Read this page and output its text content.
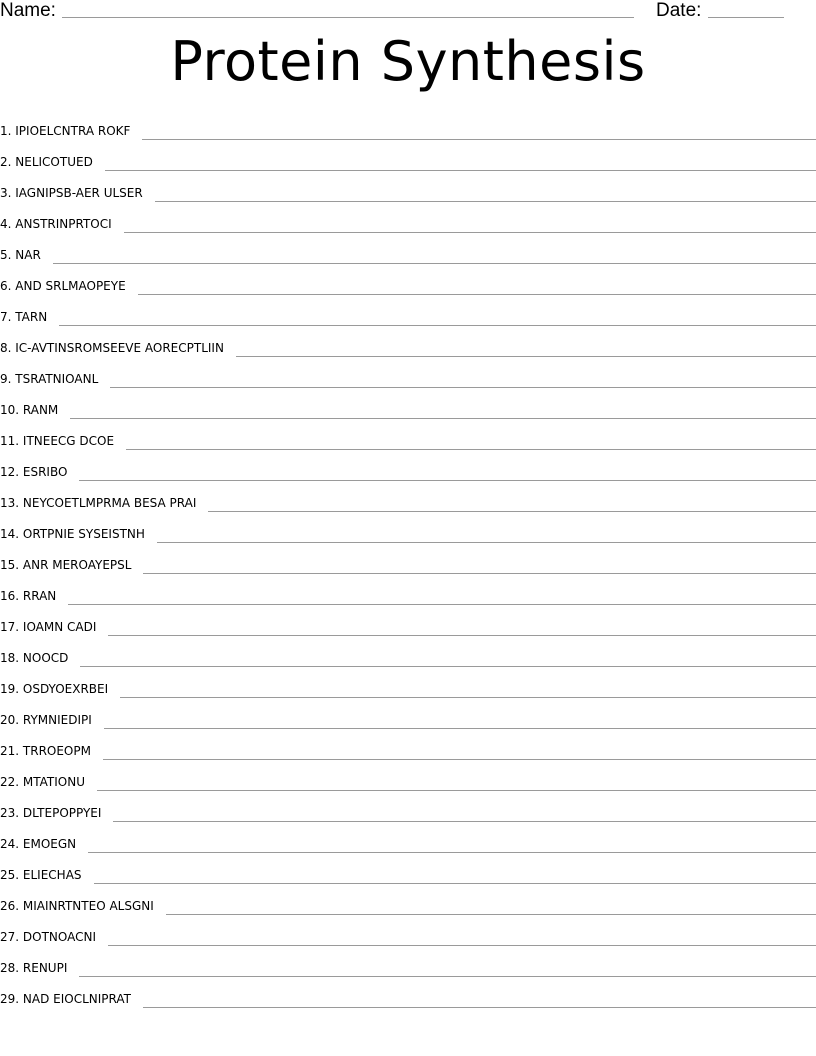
Name:	Date:
Protein Synthesis
1. IPIOELCNTRA ROKF
2. NELICOTUED
3. IAGNIPSB-AER ULSER
4. ANSTRINPRTOCI
5. NAR
6. AND SRLMAOPEYE
7. TARN
8. IC-AVTINSROMSEEVE AORECPTLIIN
9. TSRATNIOANL
10. RANM
11. ITNEECG DCOE
12. ESRIBO
13. NEYCOETLMPRMA BESA PRAI
14. ORTPNIE SYSEISTNH
15. ANR MEROAYEPSL
16. RRAN
17. IOAMN CADI
18. NOOCD
19. OSDYOEXRBEI
20. RYMNIEDIPI
21. TRROEOPM
22. MTATIONU
23. DLTEPOPPYEI
24. EMOEGN
25. ELIECHAS
26. MIAINRTNTEO ALSGNI
27. DOTNOACNI
28. RENUPI
29. NAD EIOCLNIPRAT
